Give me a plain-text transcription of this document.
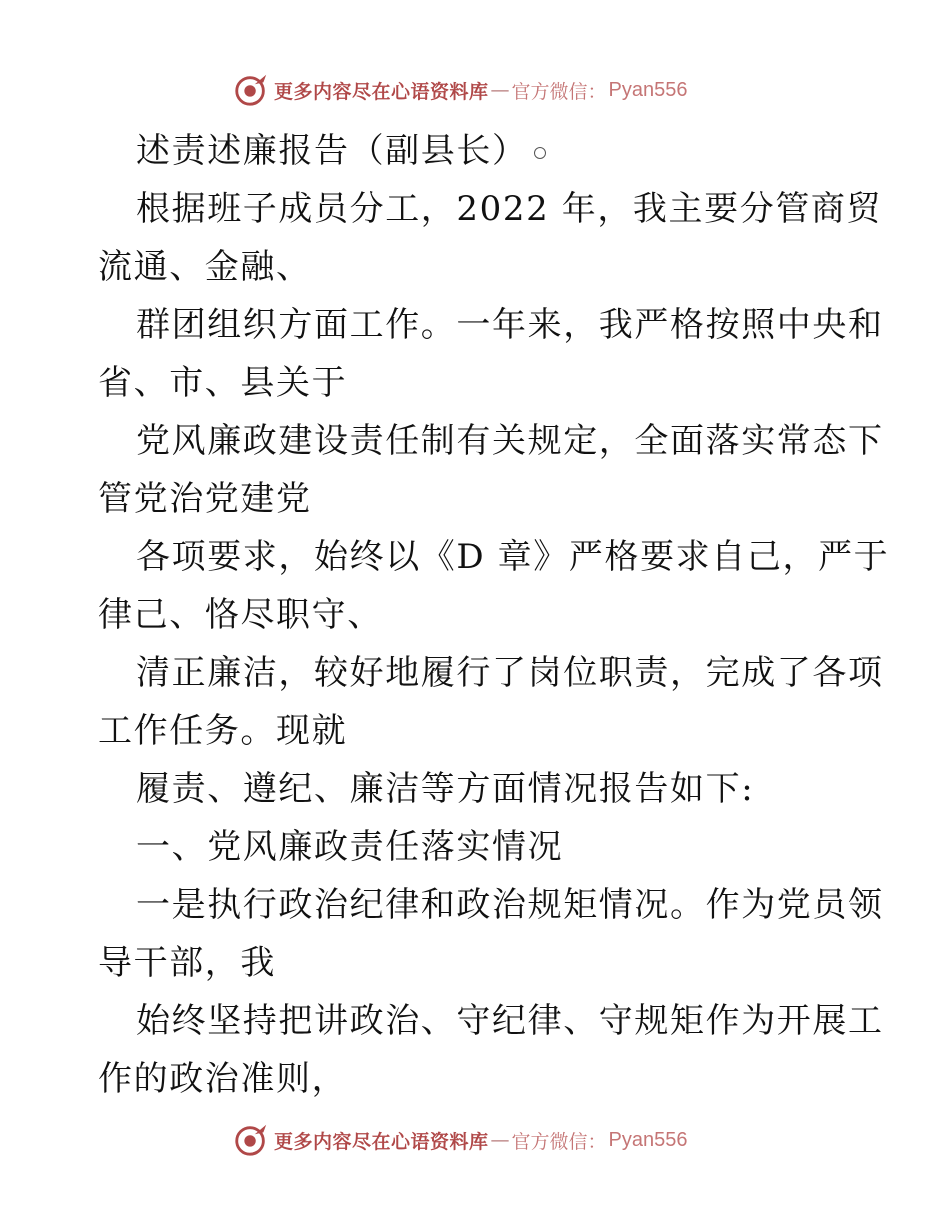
更多内容尽在心语资料库 — 官方微信： Pyan556
述责述廉报告（副县长）
根据班子成员分工，2022 年，我主要分管商贸
流通、金融、
群团组织方面工作。一年来，我严格按照中央和
省、市、县关于
党风廉政建设责任制有关规定，全面落实常态下
管党治党建党
各项要求，始终以《D 章》严格要求自己，严于
律己、恪尽职守、
清正廉洁，较好地履行了岗位职责，完成了各项
工作任务。现就
履责、遵纪、廉洁等方面情况报告如下:
一、党风廉政责任落实情况
一是执行政治纪律和政治规矩情况。作为党员领
导干部，我
始终坚持把讲政治、守纪律、守规矩作为开展工
作的政治准则，
更多内容尽在心语资料库 — 官方微信： Pyan556
